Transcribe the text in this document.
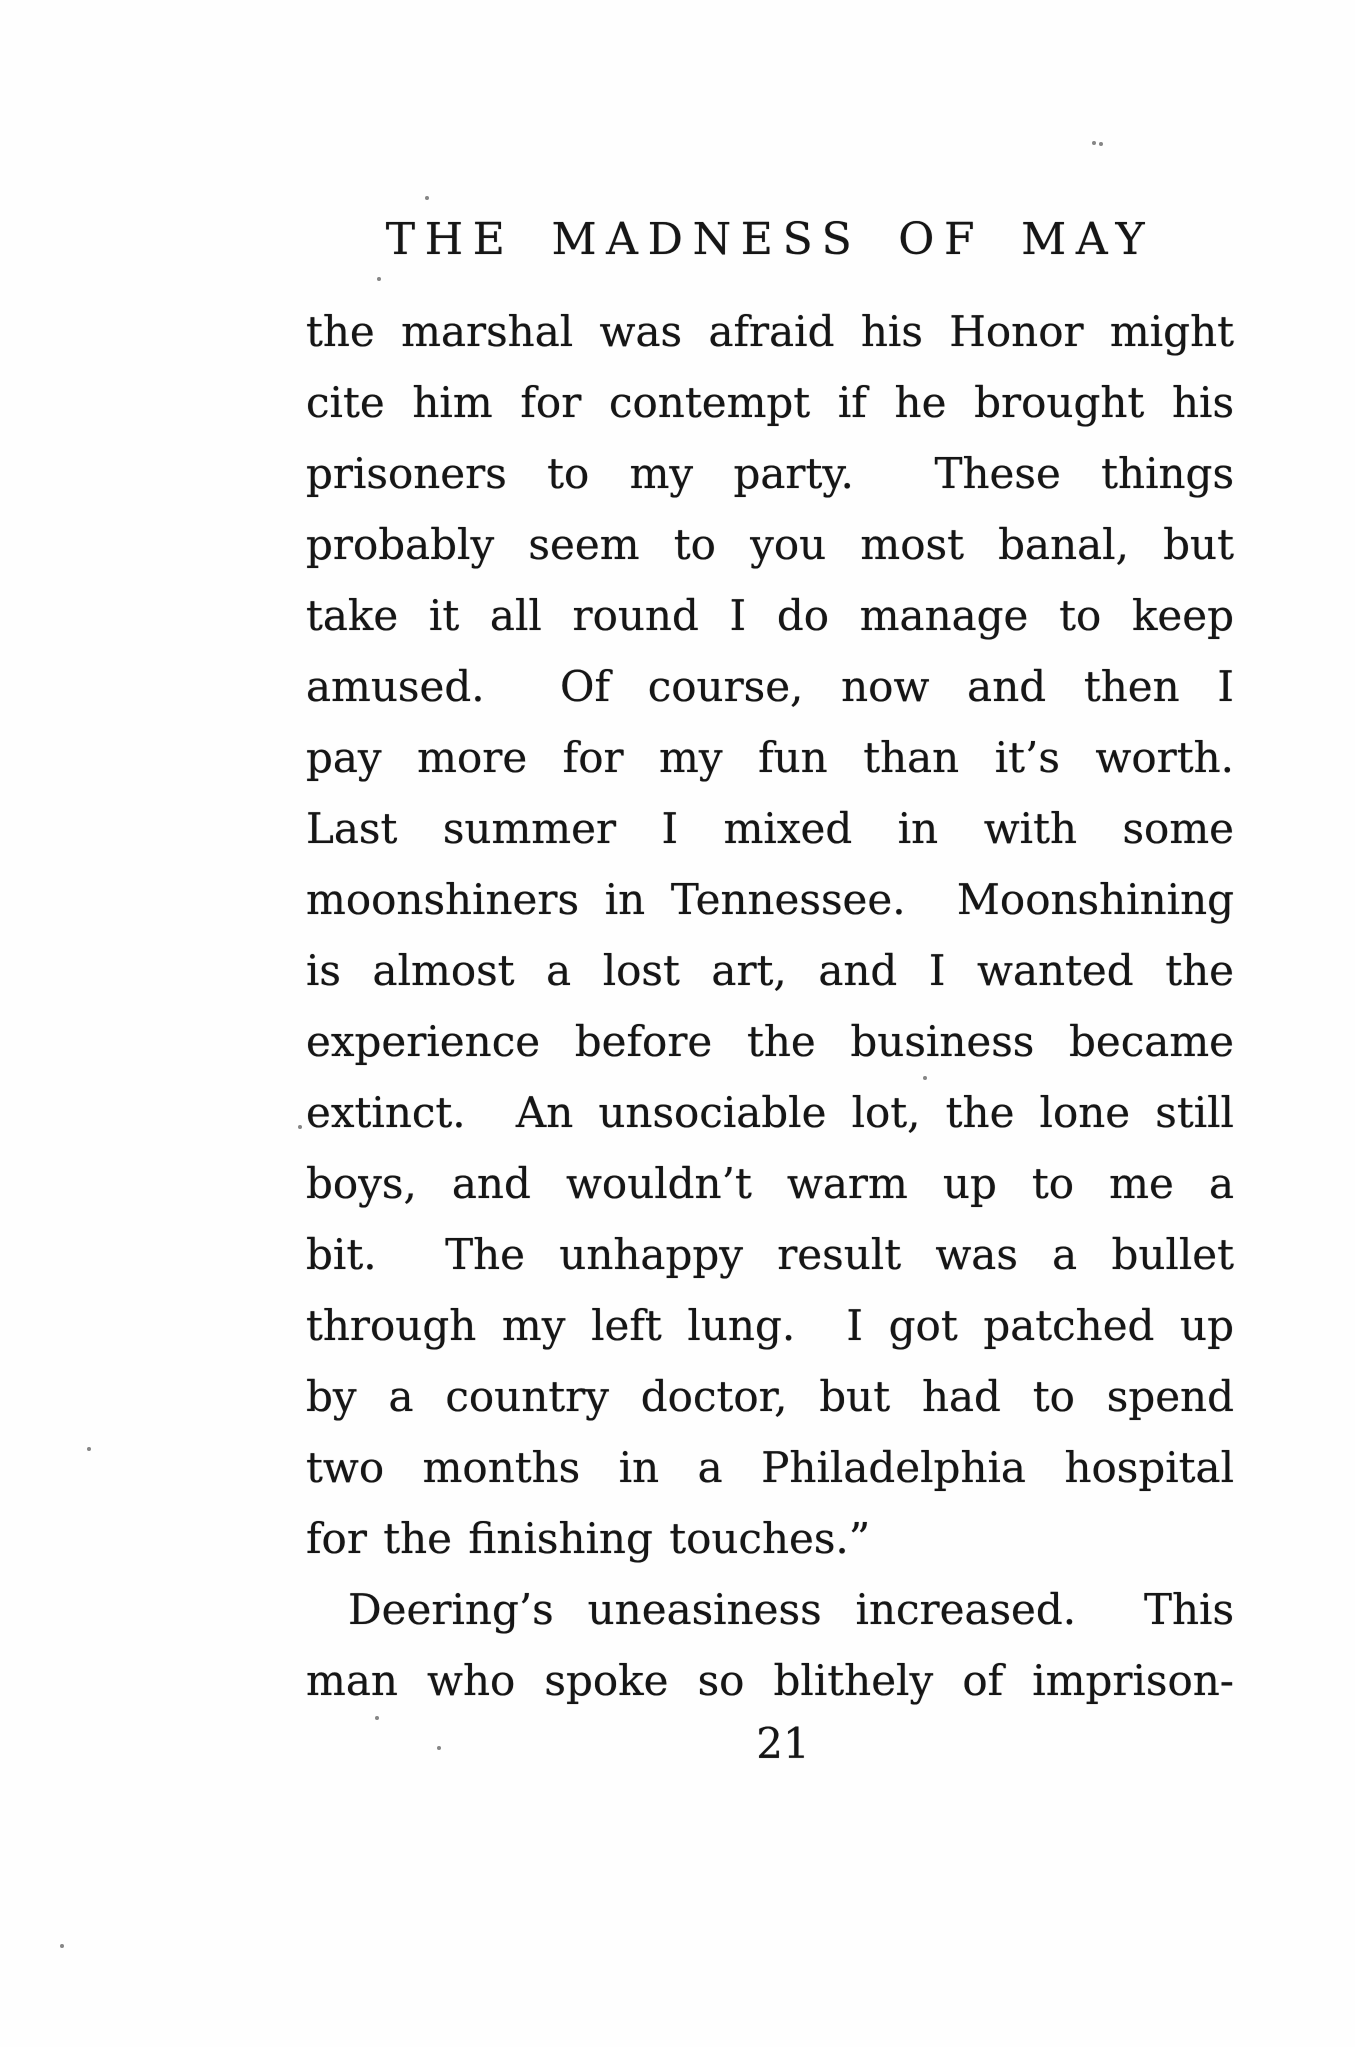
THE MADNESS OF MAY
the marshal was afraid his Honor might
cite him for contempt if he brought his
prisoners to my party.  These things
probably seem to you most banal, but
take it all round I do manage to keep
amused.  Of course, now and then I
pay more for my fun than it’s worth.
Last summer I mixed in with some
moonshiners in Tennessee.  Moonshining
is almost a lost art, and I wanted the
experience before the business became
extinct.  An unsociable lot, the lone still
boys, and wouldn’t warm up to me a
bit.  The unhappy result was a bullet
through my left lung.  I got patched up
by a country doctor, but had to spend
two months in a Philadelphia hospital
for the finishing touches.”
Deering’s uneasiness increased.  This
man who spoke so blithely of imprison-
21
